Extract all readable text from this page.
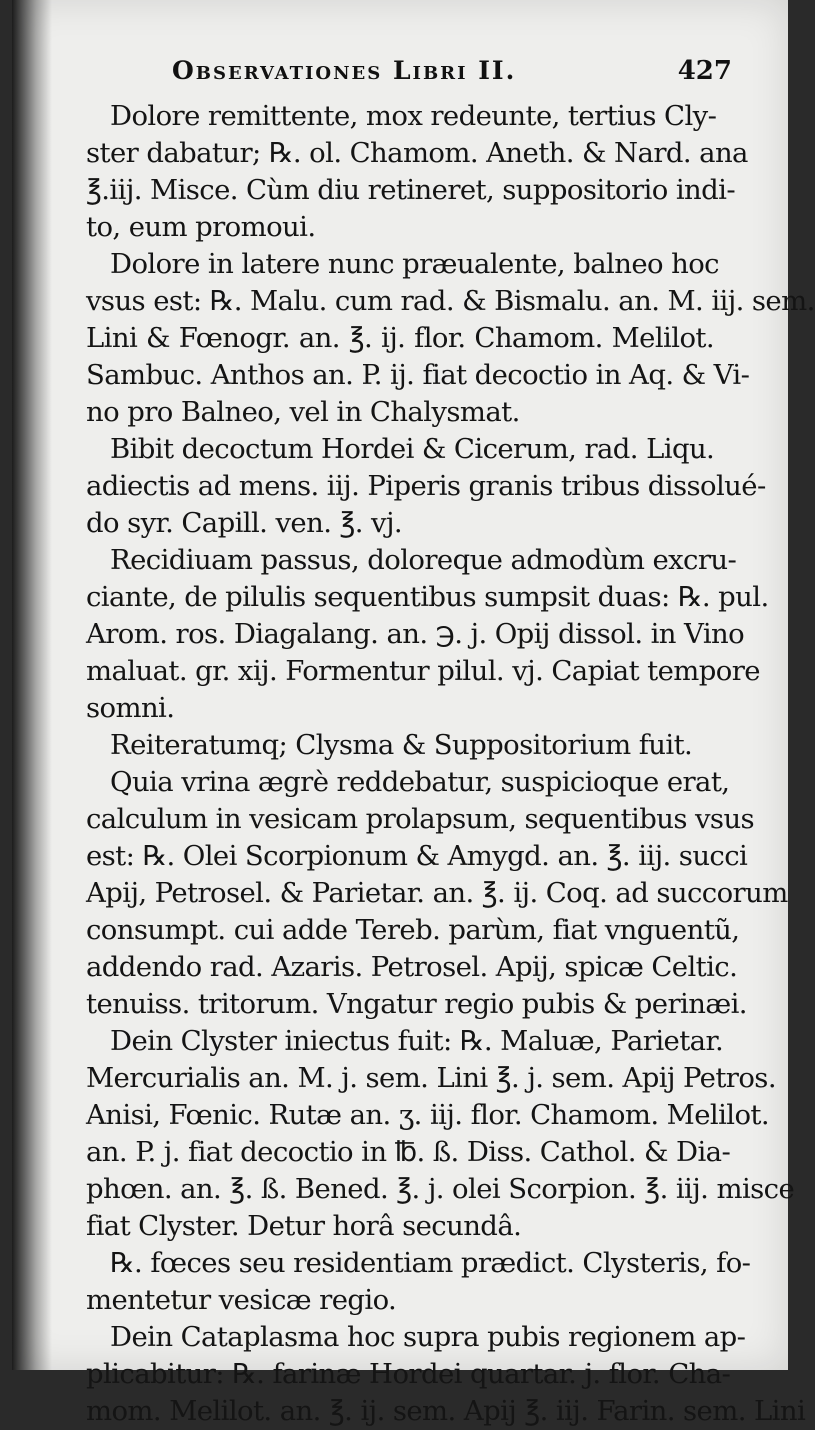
Observationes Libri II.	427
Dolore remittente, mox redeunte, tertius Cly-
ster dabatur; ℞. ol. Chamom. Aneth. & Nard. ana
℥.iij. Misce. Cùm diu retineret, suppositorio indi-
to, eum promoui.
Dolore in latere nunc præualente, balneo hoc
vsus est: ℞. Malu. cum rad. & Bismalu. an. M. iij. sem.
Lini & Fœnogr. an. ℥. ij. flor. Chamom. Melilot.
Sambuc. Anthos an. P. ij. fiat decoctio in Aq. & Vi-
no pro Balneo, vel in Chalysmat.
Bibit decoctum Hordei & Cicerum, rad. Liqu.
adiectis ad mens. iij. Piperis granis tribus dissolué-
do syr. Capill. ven. ℥. vj.
Recidiuam passus, doloreque admodùm excru-
ciante, de pilulis sequentibus sumpsit duas: ℞. pul.
Arom. ros. Diagalang. an. ℈. j. Opij dissol. in Vino
maluat. gr. xij. Formentur pilul. vj. Capiat tempore
somni.
Reiteratumq; Clysma & Suppositorium fuit.
Quia vrina ægrè reddebatur, suspicioque erat,
calculum in vesicam prolapsum, sequentibus vsus
est: ℞. Olei Scorpionum & Amygd. an. ℥. iij. succi
Apij, Petrosel. & Parietar. an. ℥. ij. Coq. ad succorum
consumpt. cui adde Tereb. parùm, fiat vnguentũ,
addendo rad. Azaris. Petrosel. Apij, spicæ Celtic.
tenuiss. tritorum. Vngatur regio pubis & perinæi.
Dein Clyster iniectus fuit: ℞. Maluæ, Parietar.
Mercurialis an. M. j. sem. Lini ℥. j. sem. Apij Petros.
Anisi, Fœnic. Rutæ an. ʒ. iij. flor. Chamom. Melilot.
an. P. j. fiat decoctio in ℔. ß. Diss. Cathol. & Dia-
phœn. an. ℥. ß. Bened. ℥. j. olei Scorpion. ℥. iij. misce
fiat Clyster. Detur horâ secundâ.
℞. fœces seu residentiam prædict. Clysteris, fo-
mentetur vesicæ regio.
Dein Cataplasma hoc supra pubis regionem ap-
plicabitur: ℞. farinæ Hordei quartar. j. flor. Cha-
mom. Melilot. an. ℥. ij. sem. Apij ℥. iij. Farin. sem. Lini
